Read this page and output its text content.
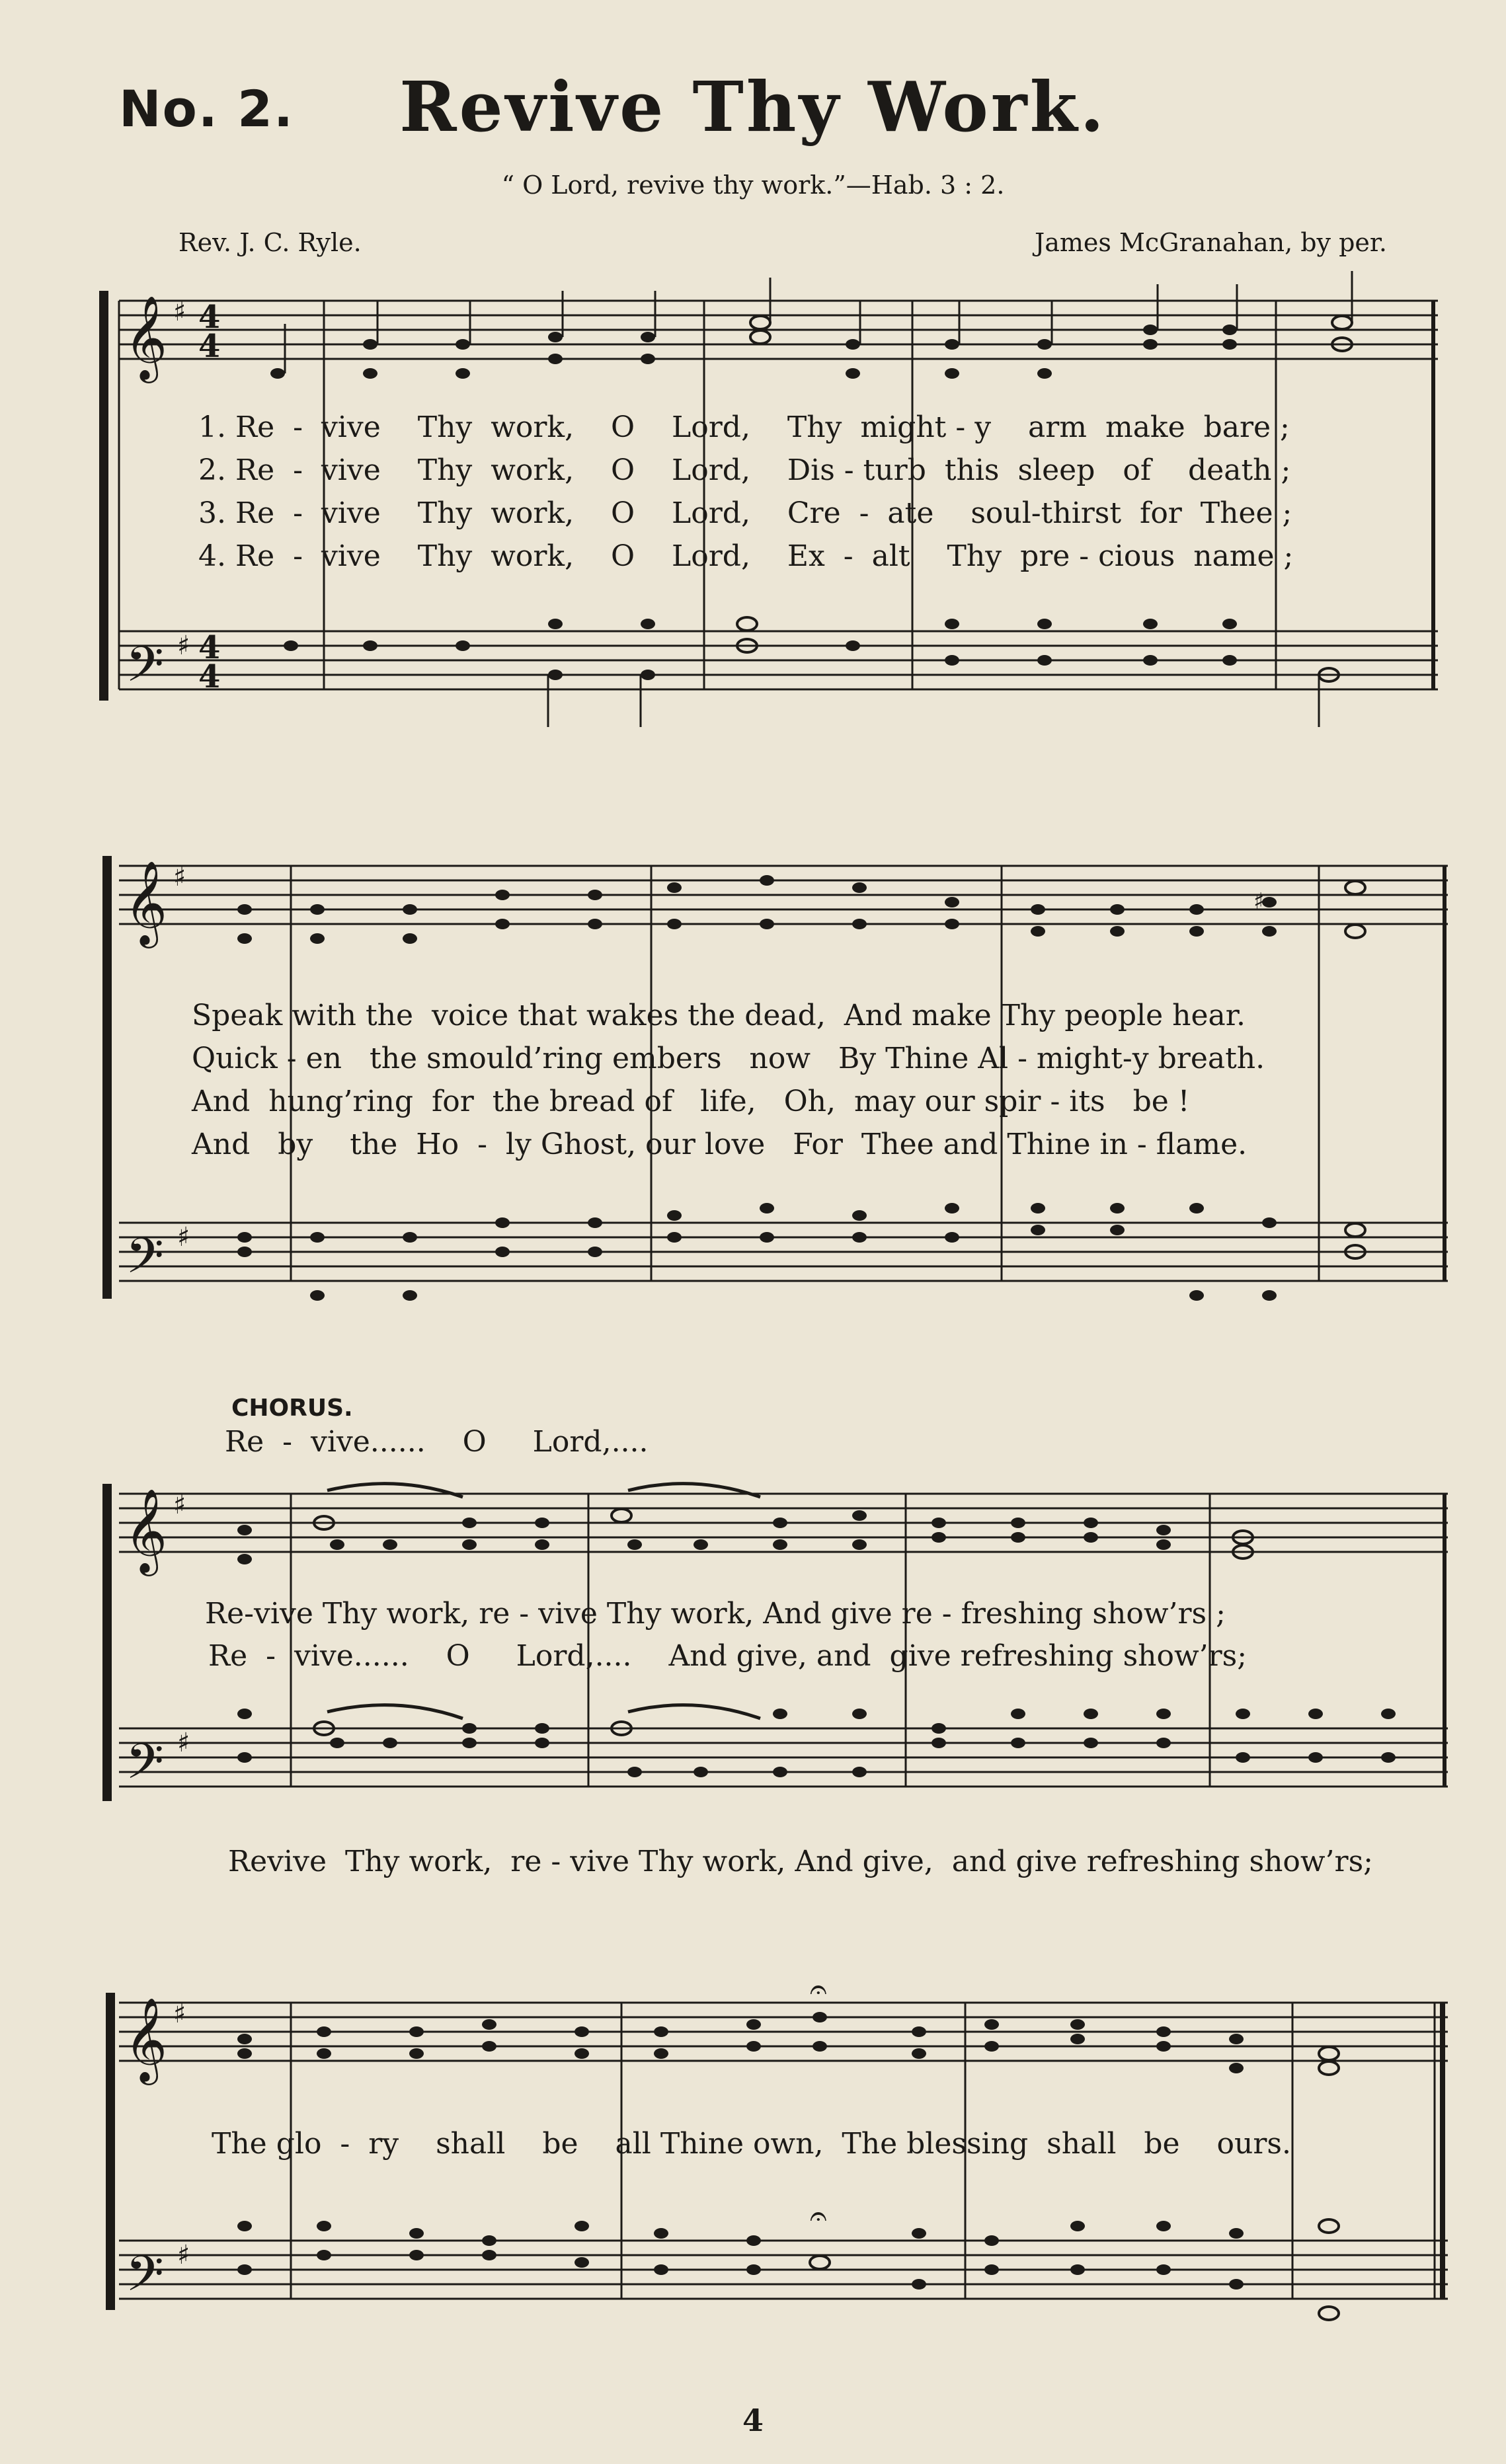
No. 2.	Revive Thy Work.
“ O Lord, revive thy work.”—Hab. 3 : 2.
Rev. J. C. Ryle.	James McGranahan, by per.
𝄞
𝄢
♯
♯
4
4
4
4
1. Re  -  vive    Thy  work,    O    Lord,    Thy  might - y    arm  make  bare ;
2. Re  -  vive    Thy  work,    O    Lord,    Dis - turb  this  sleep   of    death ;
3. Re  -  vive    Thy  work,    O    Lord,    Cre  -  ate    soul-thirst  for  Thee ;
4. Re  -  vive    Thy  work,    O    Lord,    Ex  -  alt    Thy  pre - cious  name ;
𝄞
𝄢
♯
♯
♯
Speak with the  voice that wakes the dead,  And make Thy people hear.
Quick - en   the smould’ring embers   now   By Thine Al - might-y breath.
And  hung’ring  for  the bread of   life,   Oh,  may our spir - its   be !
And   by    the  Ho  -  ly Ghost, our love   For  Thee and Thine in - flame.
CHORUS.
Re  -  vive......    O     Lord,....
𝄞
𝄢
♯
♯
Re-vive Thy work, re - vive Thy work, And give re - freshing show’rs ;
Re  -  vive......    O     Lord,....    And give, and  give refreshing show’rs;
Revive  Thy work,  re - vive Thy work, And give,  and give refreshing show’rs;
𝄞
𝄢
♯
♯
𝄐
𝄐
The glo  -  ry    shall    be    all Thine own,  The blessing  shall   be    ours.
4
